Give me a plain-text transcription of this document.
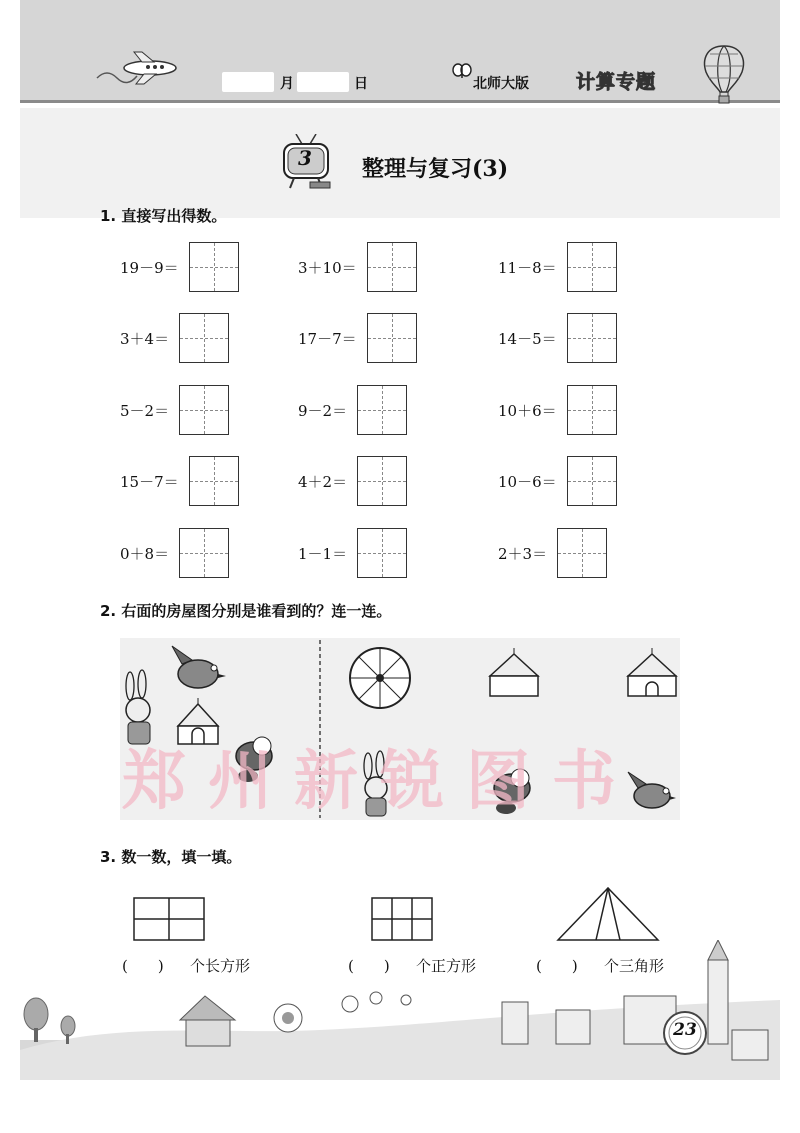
月	日	北师大版 计算专题
3	整理与复习(3)
1. 直接写出得数。
19－9＝	3＋10＝	11－8＝
3＋4＝	17－7＝	14－5＝
5－2＝	9－2＝	10＋6＝
15－7＝	4＋2＝	10－6＝
0＋8＝	1－1＝	2＋3＝
2. 右面的房屋图分别是谁看到的？连一连。
郑州新锐图书
3. 数一数，填一填。
(　　) 个长方形	(　　) 个正方形	(　　) 个三角形
23
